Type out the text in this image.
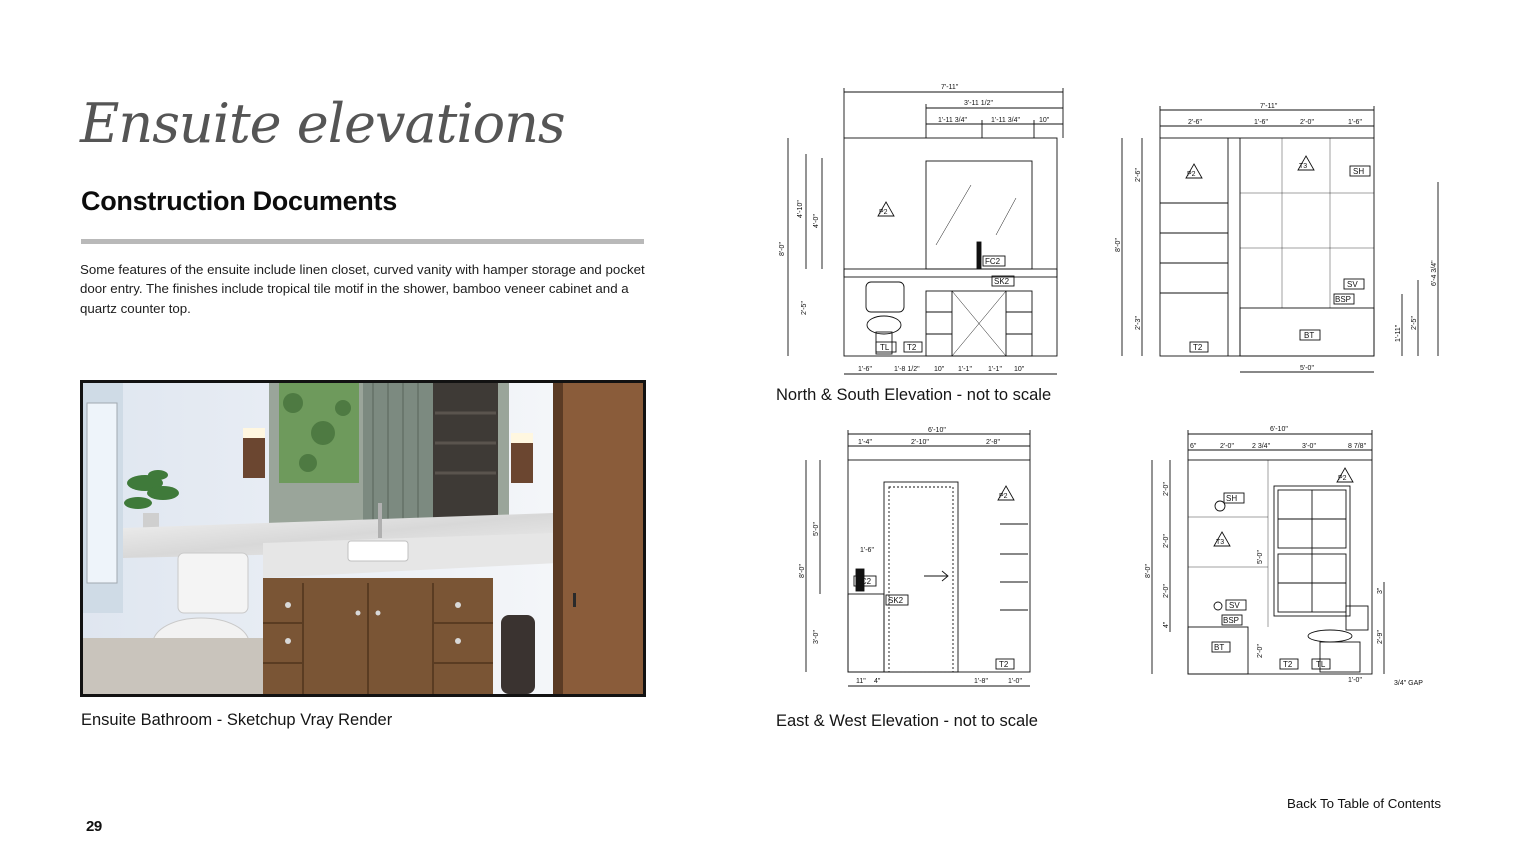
Ensuite elevations
Construction Documents
Some features of the ensuite include linen closet, curved vanity with hamper storage and pocket door entry. The finishes include tropical tile motif in the shower, bamboo veneer cabinet and a quartz counter top.
Ensuite Bathroom - Sketchup Vray Render
7'-11"
3'-11 1/2"
1'-11 3/4"	1'-11 3/4"	10"
8'-0"
4'-10"
4'-0"
2'-5"
P2
FC2
SK2
TL T2
1'-6"	1'-8 1/2" 10" 1'-1" 1'-1" 10"
7'-11"
2'-6"	1'-6"	2'-0"	1'-6"
P2
T3
SH
SV
BSP
BT
T2
8'-0"
2'-6"
2'-3"
6'-4 3/4"
2'-5"
1'-11"
5'-0"
North & South Elevation - not to scale
6'-10"
1'-4"	2'-10"	2'-8"
P2
FC2
SK2
T2
8'-0"
5'-0"
1'-6"
3'-0"
11" 4"	1'-8"	1'-0"
6'-10"
6"	2'-0"	2 3/4"	3'-0"	8 7/8"
P2
SH
T3
SV
BSP
BT
T2	TL
8'-0"
2'-0"
2'-0"
2'-0"
4"
5'-0"
2'-0"
3"
2'-9"
1'-0"	3/4" GAP
East & West Elevation - not to scale
29
Back To Table of Contents
